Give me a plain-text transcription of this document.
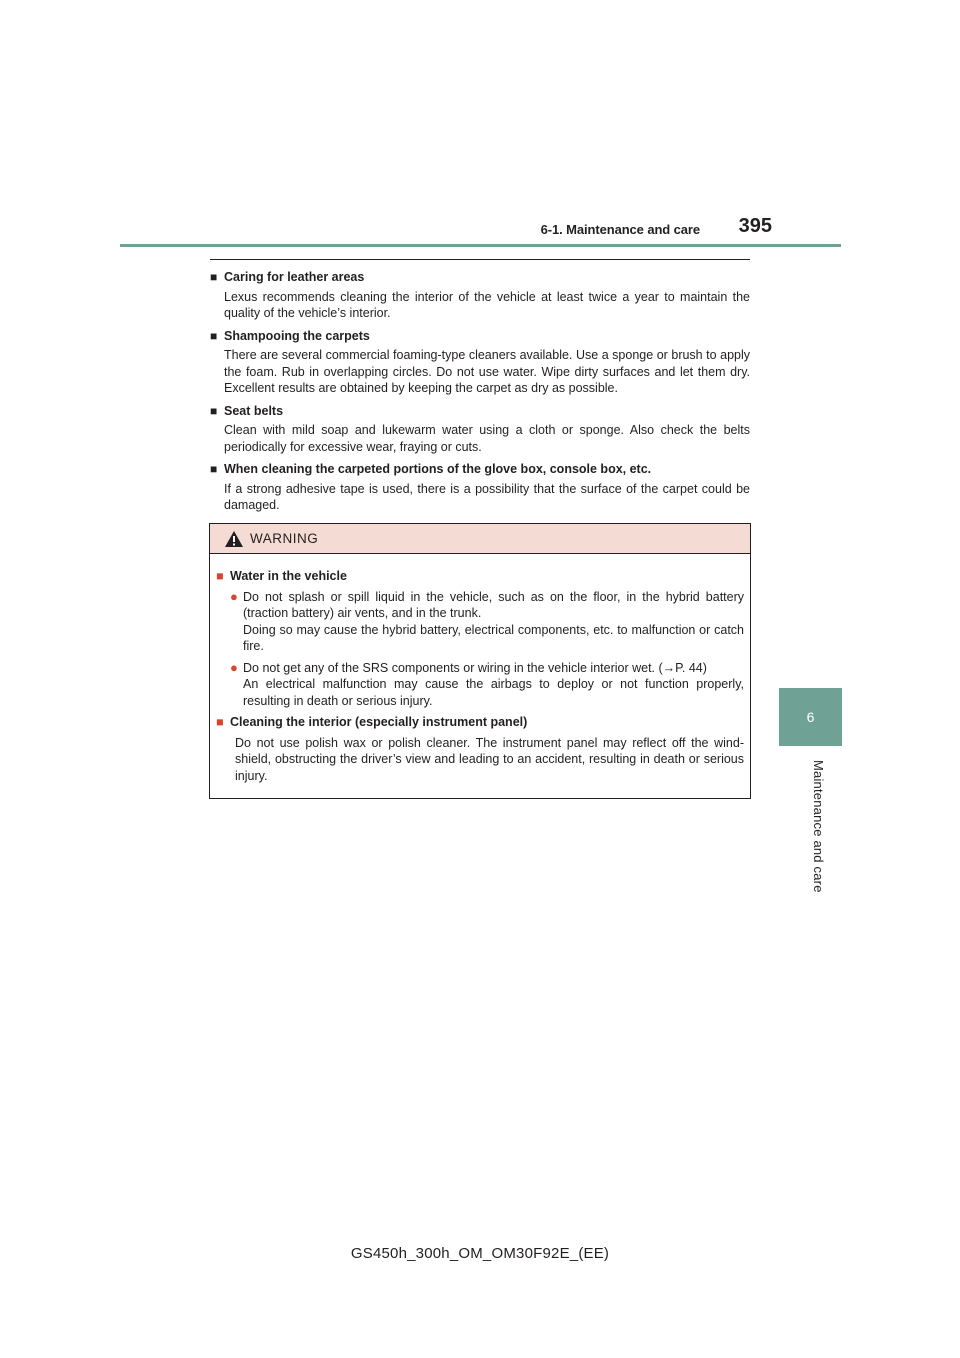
6-1. Maintenance and care 395
6
Maintenance and care
■ Caring for leather areas
Lexus recommends cleaning the interior of the vehicle at least twice a year to maintain the quality of the vehicle’s interior.
■ Shampooing the carpets
There are several commercial foaming-type cleaners available. Use a sponge or brush to apply the foam. Rub in overlapping circles. Do not use water. Wipe dirty surfaces and let them dry. Excellent results are obtained by keeping the carpet as dry as possible.
■ Seat belts
Clean with mild soap and lukewarm water using a cloth or sponge. Also check the belts periodically for excessive wear, fraying or cuts.
■ When cleaning the carpeted portions of the glove box, console box, etc.
If a strong adhesive tape is used, there is a possibility that the surface of the carpet could be damaged.
WARNING
■ Water in the vehicle
● Do not splash or spill liquid in the vehicle, such as on the floor, in the hybrid battery (traction battery) air vents, and in the trunk.
Doing so may cause the hybrid battery, electrical components, etc. to malfunction or catch fire.
● Do not get any of the SRS components or wiring in the vehicle interior wet. (→P. 44)
An electrical malfunction may cause the airbags to deploy or not function properly, resulting in death or serious injury.
■ Cleaning the interior (especially instrument panel)
Do not use polish wax or polish cleaner. The instrument panel may reflect off the wind-shield, obstructing the driver’s view and leading to an accident, resulting in death or serious injury.
GS450h_300h_OM_OM30F92E_(EE)
